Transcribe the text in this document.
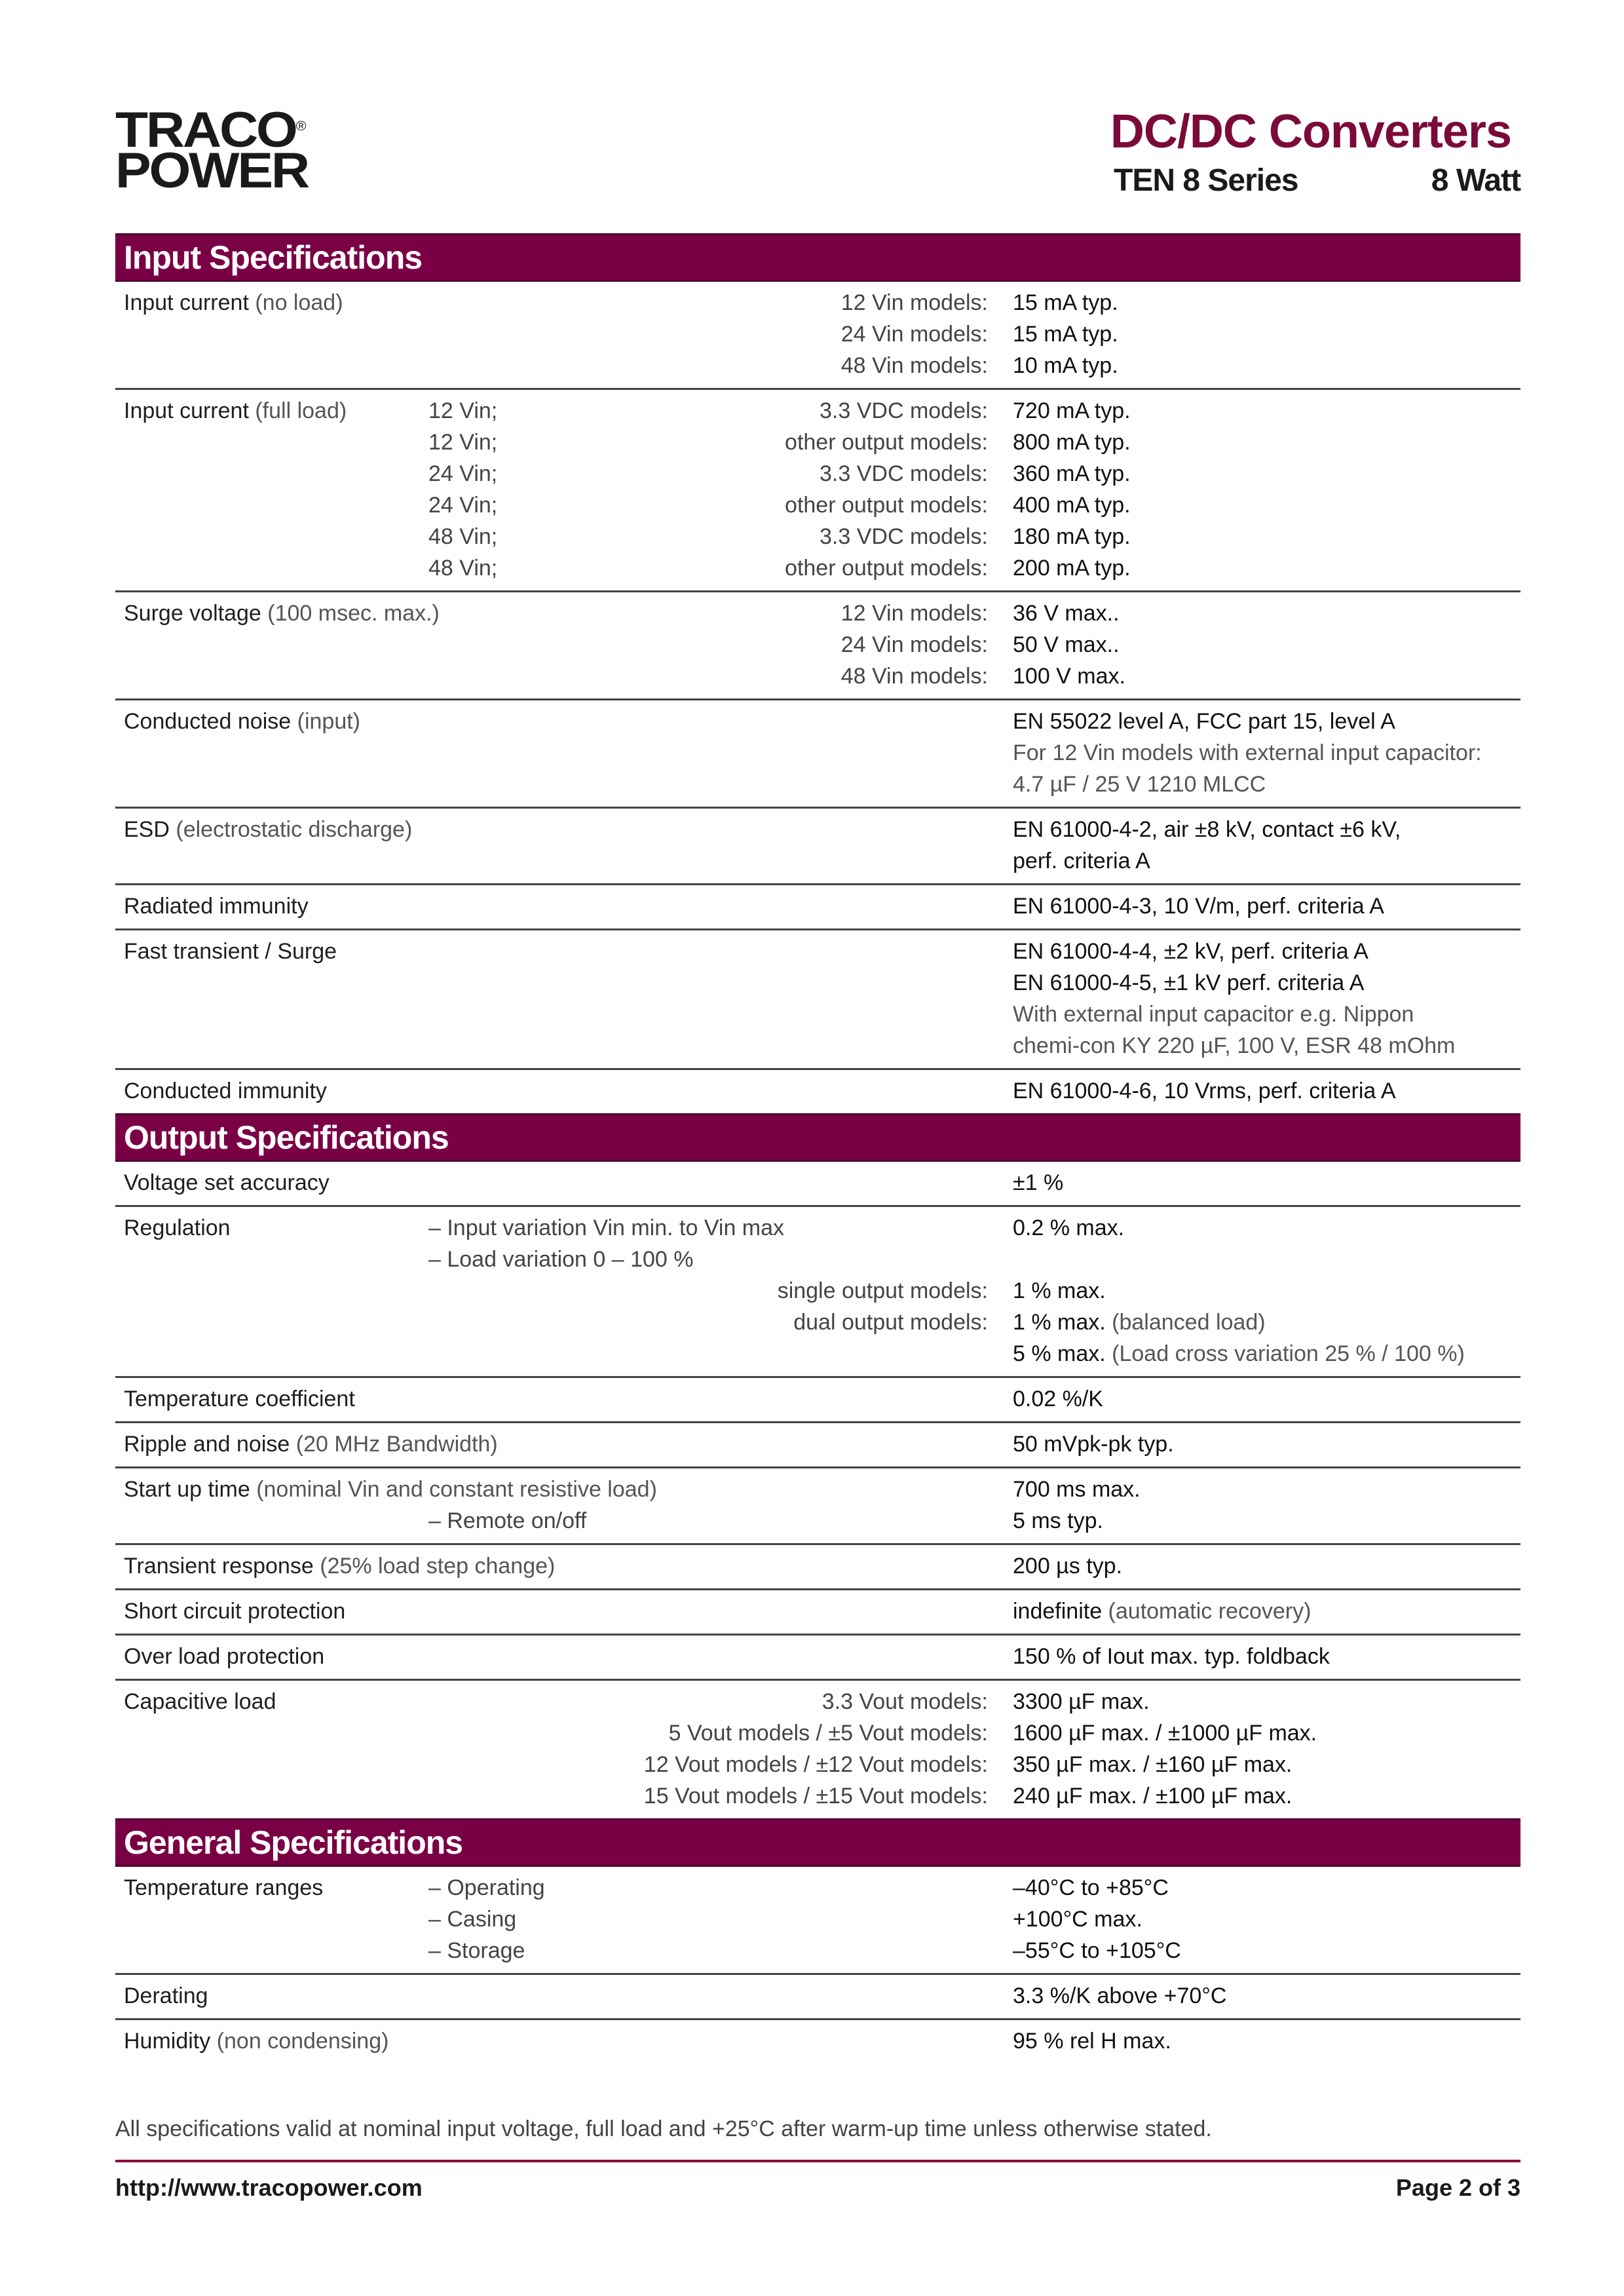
TRACO®
POWER
DC/DC Converters
TEN 8 Series	8 Watt
Input Specifications
Input current (no load)	12 Vin models: 15 mA typ.
24 Vin models: 15 mA typ.
48 Vin models: 10 mA typ.
Input current (full load)	12 Vin;	3.3 VDC models: 720 mA typ.
12 Vin;	other output models: 800 mA typ.
24 Vin;	3.3 VDC models: 360 mA typ.
24 Vin;	other output models: 400 mA typ.
48 Vin;	3.3 VDC models: 180 mA typ.
48 Vin;	other output models: 200 mA typ.
Surge voltage (100 msec. max.)	12 Vin models: 36 V max..
24 Vin models: 50 V max..
48 Vin models: 100 V max.
Conducted noise (input)	EN 55022 level A, FCC part 15, level A
For 12 Vin models with external input capacitor:
4.7 µF / 25 V 1210 MLCC
ESD (electrostatic discharge)	EN 61000-4-2, air ±8 kV, contact ±6 kV,
perf. criteria A
Radiated immunity	EN 61000-4-3, 10 V/m, perf. criteria A
Fast transient / Surge	EN 61000-4-4, ±2 kV, perf. criteria A
EN 61000-4-5, ±1 kV perf. criteria A
With external input capacitor e.g. Nippon
chemi-con KY 220 µF, 100 V, ESR 48 mOhm
Conducted immunity	EN 61000-4-6, 10 Vrms, perf. criteria A
Output Specifications
Voltage set accuracy	±1 %
Regulation	– Input variation Vin min. to Vin max	0.2 % max.
– Load variation 0 – 100 %
single output models: 1 % max.
dual output models: 1 % max. (balanced load)
5 % max. (Load cross variation 25 % / 100 %)
Temperature coefficient	0.02 %/K
Ripple and noise (20 MHz Bandwidth)	50 mVpk-pk typ.
Start up time (nominal Vin and constant resistive load)	700 ms max.
– Remote on/off	5 ms typ.
Transient response (25% load step change)	200 µs typ.
Short circuit protection	indefinite (automatic recovery)
Over load protection	150 % of Iout max. typ. foldback
Capacitive load	3.3 Vout models: 3300 µF max.
5 Vout models / ±5 Vout models: 1600 µF max. / ±1000 µF max.
12 Vout models / ±12 Vout models: 350 µF max. / ±160 µF max.
15 Vout models / ±15 Vout models: 240 µF max. / ±100 µF max.
General Specifications
Temperature ranges	– Operating	–40°C to +85°C
– Casing	+100°C max.
– Storage	–55°C to +105°C
Derating	3.3 %/K above +70°C
Humidity (non condensing)	95 % rel H max.
All specifications valid at nominal input voltage, full load and +25°C after warm-up time unless otherwise stated.
http://www.tracopower.com	Page 2 of 3
